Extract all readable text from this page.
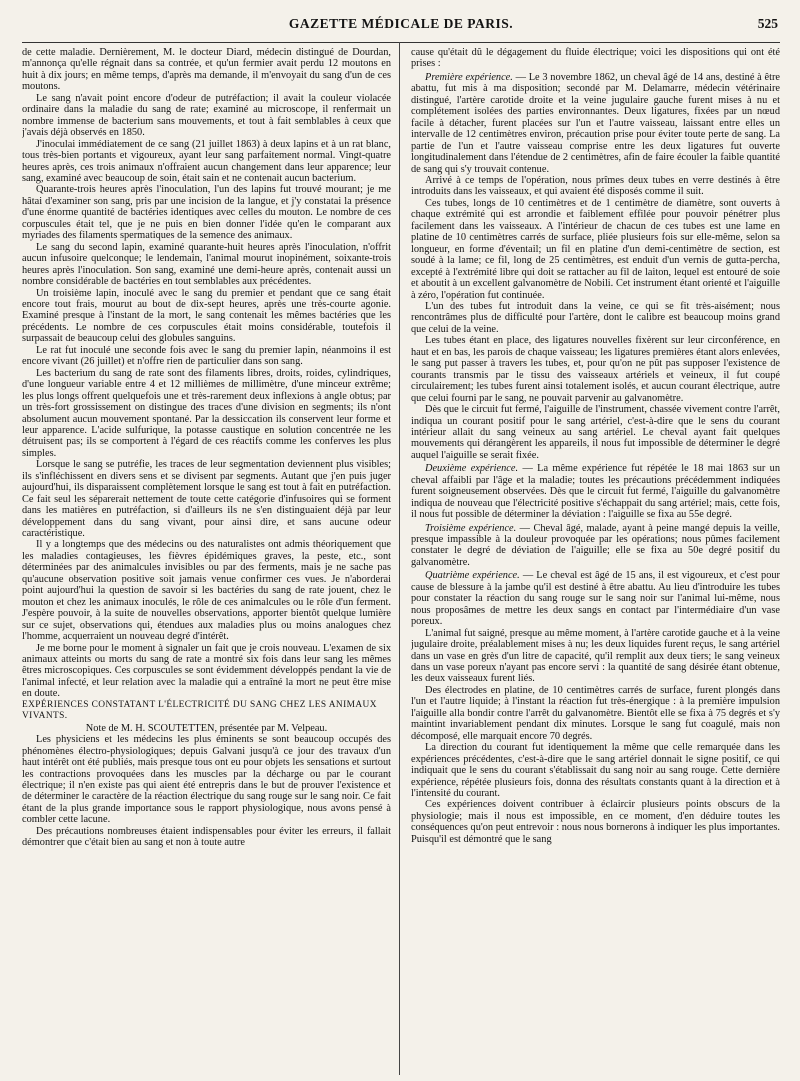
GAZETTE MÉDICALE DE PARIS.	525

de cette maladie. Dernièrement, M. le docteur Diard, médecin distingué de Dourdan, m'annonça qu'elle régnait dans sa contrée, et qu'un fermier avait perdu 12 moutons en huit à dix jours; en même temps, d'après ma demande, il m'envoyait du sang d'un de ces moutons.

Le sang n'avait point encore d'odeur de putréfaction; il avait la couleur violacée ordinaire dans la maladie du sang de rate; examiné au microscope, il renfermait un nombre immense de bacterium sans mouvements, et tout à fait semblables à ceux que j'avais déjà observés en 1850.

J'inoculai immédiatement de ce sang (21 juillet 1863) à deux lapins et à un rat blanc, tous très-bien portants et vigoureux, ayant leur sang parfaitement normal. Vingt-quatre heures après, ces trois animaux n'offraient aucun changement dans leur apparence; leur sang, examiné avec beaucoup de soin, était sain et ne contenait aucun bacterium.

Quarante-trois heures après l'inoculation, l'un des lapins fut trouvé mourant; je me hâtai d'examiner son sang, pris par une incision de la langue, et j'y constatai la présence d'une énorme quantité de bactéries identiques avec celles du mouton. Le nombre de ces corpuscules était tel, que je ne puis en bien donner l'idée qu'en le comparant aux myriades des filaments spermatiques de la semence des animaux.

Le sang du second lapin, examiné quarante-huit heures après l'inoculation, n'offrit aucun infusoire quelconque; le lendemain, l'animal mourut inopinément, soixante-trois heures après l'inoculation. Son sang, examiné une demi-heure après, contenait aussi un nombre considérable de bactéries en tout semblables aux précédentes.

Un troisième lapin, inoculé avec le sang du premier et pendant que ce sang était encore tout frais, mourut au bout de dix-sept heures, après une très-courte agonie. Examiné presque à l'instant de la mort, le sang contenait les mêmes bactéries que les précédents. Le nombre de ces corpuscules était moins considérable, toutefois il surpassait de beaucoup celui des globules sanguins.

Le rat fut inoculé une seconde fois avec le sang du premier lapin, néanmoins il est encore vivant (26 juillet) et n'offre rien de particulier dans son sang.

Les bacterium du sang de rate sont des filaments libres, droits, roides, cylindriques, d'une longueur variable entre 4 et 12 millièmes de millimètre, d'une minceur extrême; les plus longs offrent quelquefois une et très-rarement deux inflexions à angle obtus; par un très-fort grossissement on distingue des traces d'une division en segments; ils n'ont absolument aucun mouvement spontané. Par la dessiccation ils conservent leur forme et leur apparence. L'acide sulfurique, la potasse caustique en solution concentrée ne les détruisent pas; ils se comportent à l'égard de ces réactifs comme les conferves les plus simples.

Lorsque le sang se putréfie, les traces de leur segmentation deviennent plus visibles; ils s'infléchissent en divers sens et se divisent par segments. Autant que j'en puis juger aujourd'hui, ils disparaissent complètement lorsque le sang est tout à fait en putréfaction. Ce fait seul les séparerait nettement de toute cette catégorie d'infusoires qui se forment dans les matières en putréfaction, si d'ailleurs ils ne s'en distinguaient déjà par leur développement dans du sang vivant, pour ainsi dire, et sans aucune odeur caractéristique.

Il y a longtemps que des médecins ou des naturalistes ont admis théoriquement que les maladies contagieuses, les fièvres épidémiques graves, la peste, etc., sont déterminées par des animalcules invisibles ou par des ferments, mais je ne sache pas qu'aucune observation positive soit jamais venue confirmer ces vues. Je n'aborderai point aujourd'hui la question de savoir si les bactéries du sang de rate jouent, chez le mouton et chez les animaux inoculés, le rôle de ces animalcules ou le rôle d'un ferment. J'espère pouvoir, à la suite de nouvelles observations, apporter bientôt quelque lumière sur ce sujet, observations qui, étendues aux maladies plus ou moins analogues chez l'homme, acquerraient un nouveau degré d'intérêt.

Je me borne pour le moment à signaler un fait que je crois nouveau. L'examen de six animaux atteints ou morts du sang de rate a montré six fois dans leur sang les mêmes êtres microscopiques. Ces corpuscules se sont évidemment développés pendant la vie de l'animal infecté, et leur relation avec la maladie qui a entraîné la mort ne peut être mise en doute.

EXPÉRIENCES CONSTATANT L'ÉLECTRICITÉ DU SANG CHEZ LES ANIMAUX VIVANTS.

Note de M. H. SCOUTETTEN, présentée par M. Velpeau.

Les physiciens et les médecins les plus éminents se sont beaucoup occupés des phénomènes électro-physiologiques; depuis Galvani jusqu'à ce jour des travaux d'un haut intérêt ont été publiés, mais presque tous ont eu pour objets les sensations et surtout les contractions provoquées dans les muscles par la décharge ou par le courant électrique; il n'en existe pas qui aient été entrepris dans le but de prouver l'existence et de déterminer le caractère de la réaction électrique du sang rouge sur le sang noir. Ce fait étant de la plus grande importance sous le rapport physiologique, nous avons pensé à combler cette lacune.

Des précautions nombreuses étaient indispensables pour éviter les erreurs, il fallait démontrer que c'était bien au sang et non à toute autre

cause qu'était dû le dégagement du fluide électrique; voici les dispositions qui ont été prises :

Première expérience. — Le 3 novembre 1862, un cheval âgé de 14 ans, destiné à être abattu, fut mis à ma disposition; secondé par M. Delamarre, médecin vétérinaire distingué, l'artère carotide droite et la veine jugulaire gauche furent mises à nu et complétement isolées des parties environnantes. Deux ligatures, fixées par un nœud facile à détacher, furent placées sur l'un et l'autre vaisseau, laissant entre elles un intervalle de 12 centimètres environ, précaution prise pour éviter toute perte de sang. La partie de l'un et l'autre vaisseau comprise entre les deux ligatures fut ouverte longitudinalement dans l'étendue de 2 centimètres, afin de faire écouler la faible quantité de sang qui s'y trouvait contenue.

Arrivé à ce temps de l'opération, nous prîmes deux tubes en verre destinés à être introduits dans les vaisseaux, et qui avaient été disposés comme il suit.

Ces tubes, longs de 10 centimètres et de 1 centimètre de diamètre, sont ouverts à chaque extrémité qui est arrondie et faiblement effilée pour pouvoir pénétrer plus facilement dans les vaisseaux. A l'intérieur de chacun de ces tubes est une lame en platine de 10 centimètres carrés de surface, pliée plusieurs fois sur elle-même, selon sa longueur, en forme d'éventail; un fil en platine d'un demi-centimètre de section, est soudé à la lame; ce fil, long de 25 centimètres, est enduit d'un vernis de gutta-percha, excepté à l'extrémité libre qui doit se rattacher au fil de laiton, lequel est entouré de soie et aboutit à un excellent galvanomètre de Nobili. Cet instrument étant orienté et l'aiguille à zéro, l'opération fut continuée.

L'un des tubes fut introduit dans la veine, ce qui se fit très-aisément; nous rencontrâmes plus de difficulté pour l'artère, dont le calibre est beaucoup moins grand que celui de la veine.

Les tubes étant en place, des ligatures nouvelles fixèrent sur leur circonférence, en haut et en bas, les parois de chaque vaisseau; les ligatures premières étant alors enlevées, le sang put passer à travers les tubes, et, pour qu'on ne pût pas supposer l'existence de courants transmis par le tissu des vaisseaux artériels et veineux, il fut coupé circulairement; les tubes furent ainsi totalement isolés, et aucun courant électrique, autre que celui fourni par le sang, ne pouvait parvenir au galvanomètre.

Dès que le circuit fut fermé, l'aiguille de l'instrument, chassée vivement contre l'arrêt, indiqua un courant positif pour le sang artériel, c'est-à-dire que le sens du courant intérieur allait du sang veineux au sang artériel. Le cheval ayant fait quelques mouvements qui dérangèrent les appareils, il nous fut impossible de déterminer le degré auquel l'aiguille se serait fixée.

Deuxième expérience. — La même expérience fut répétée le 18 mai 1863 sur un cheval affaibli par l'âge et la maladie; toutes les précautions précédemment indiquées furent soigneusement observées. Dès que le circuit fut fermé, l'aiguille du galvanomètre indiqua de nouveau que l'électricité positive s'échappait du sang artériel; mais, cette fois, il nous fut possible de déterminer la déviation : l'aiguille se fixa au 55e degré.

Troisième expérience. — Cheval âgé, malade, ayant à peine mangé depuis la veille, presque impassible à la douleur provoquée par les opérations; nous pûmes facilement constater le degré de déviation de l'aiguille; elle se fixa au 50e degré positif du galvanomètre.

Quatrième expérience. — Le cheval est âgé de 15 ans, il est vigoureux, et c'est pour cause de blessure à la jambe qu'il est destiné à être abattu. Au lieu d'introduire les tubes pour constater la réaction du sang rouge sur le sang noir sur l'animal lui-même, nous nous proposâmes de mettre les deux sangs en contact par l'intermédiaire d'un vase poreux.

L'animal fut saigné, presque au même moment, à l'artère carotide gauche et à la veine jugulaire droite, préalablement mises à nu; les deux liquides furent reçus, le sang artériel dans un vase en grès d'un litre de capacité, qu'il remplit aux deux tiers; le sang veineux dans un vase poreux n'ayant pas encore servi : la quantité de sang désirée étant obtenue, les deux vaisseaux furent liés.

Des électrodes en platine, de 10 centimètres carrés de surface, furent plongés dans l'un et l'autre liquide; à l'instant la réaction fut très-énergique : à la première impulsion l'aiguille alla bondir contre l'arrêt du galvanomètre. Bientôt elle se fixa à 75 degrés et s'y maintint invariablement pendant dix minutes. Lorsque le sang fut coagulé, mais non décomposé, elle marquait encore 70 degrés.

La direction du courant fut identiquement la même que celle remarquée dans les expériences précédentes, c'est-à-dire que le sang artériel donnait le signe positif, ce qui indiquait que le sens du courant s'établissait du sang noir au sang rouge. Cette dernière expérience, répétée plusieurs fois, donna des résultats constants quant à la direction et à l'intensité du courant.

Ces expériences doivent contribuer à éclaircir plusieurs points obscurs de la physiologie; mais il nous est impossible, en ce moment, d'en déduire toutes les conséquences qu'on peut entrevoir : nous nous bornerons à indiquer les plus importantes. Puisqu'il est démontré que le sang
